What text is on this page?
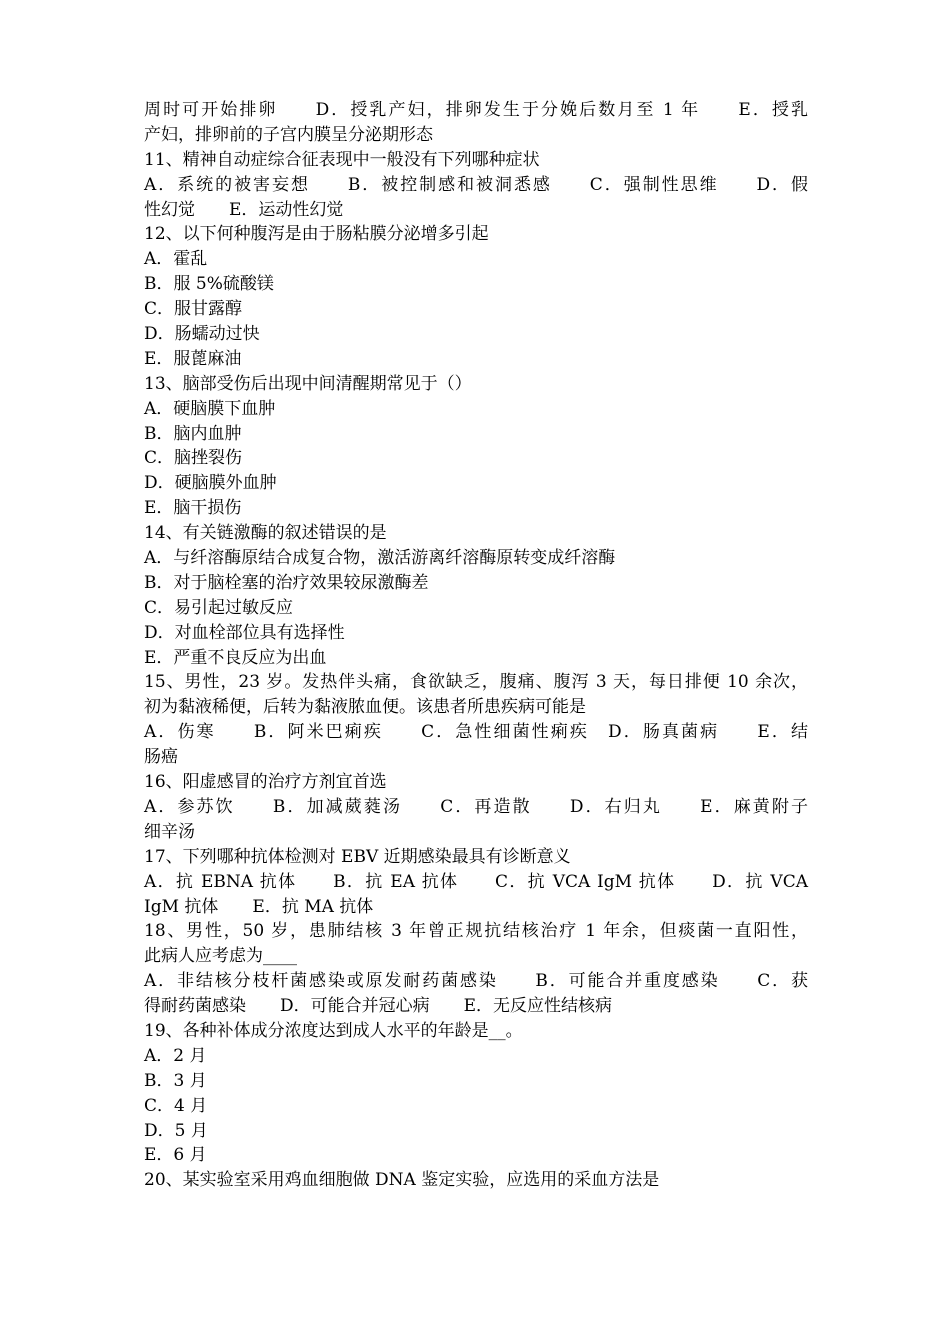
周时可开始排卵　　D．授乳产妇，排卵发生于分娩后数月至 1 年　　E．授乳
产妇，排卵前的子宫内膜呈分泌期形态
11、精神自动症综合征表现中一般没有下列哪种症状
A．系统的被害妄想　　B．被控制感和被洞悉感　　C．强制性思维　　D．假
性幻觉　　E．运动性幻觉
12、以下何种腹泻是由于肠粘膜分泌增多引起
A．霍乱
B．服 5%硫酸镁
C．服甘露醇
D．肠蠕动过快
E．服蓖麻油
13、脑部受伤后出现中间清醒期常见于（）
A．硬脑膜下血肿
B．脑内血肿
C．脑挫裂伤
D．硬脑膜外血肿
E．脑干损伤
14、有关链激酶的叙述错误的是
A．与纤溶酶原结合成复合物，激活游离纤溶酶原转变成纤溶酶
B．对于脑栓塞的治疗效果较尿激酶差
C．易引起过敏反应
D．对血栓部位具有选择性
E．严重不良反应为出血
15、男性，23 岁。发热伴头痛，食欲缺乏，腹痛、腹泻 3 天，每日排便 10 余次，
初为黏液稀便，后转为黏液脓血便。该患者所患疾病可能是
A．伤寒　　B．阿米巴痢疾　　C．急性细菌性痢疾　D．肠真菌病　　E．结
肠癌
16、阳虚感冒的治疗方剂宜首选
A．参苏饮　　B．加减葳蕤汤　　C．再造散　　D．右归丸　　E．麻黄附子
细辛汤
17、下列哪种抗体检测对 EBV 近期感染最具有诊断意义
A．抗 EBNA 抗体　　B．抗 EA 抗体　　C．抗 VCA IgM 抗体　　D．抗 VCA
IgM 抗体　　E．抗 MA 抗体
18、男性，50 岁，患肺结核 3 年曾正规抗结核治疗 1 年余，但痰菌一直阳性，
此病人应考虑为____
A．非结核分枝杆菌感染或原发耐药菌感染　　B．可能合并重度感染　　C．获
得耐药菌感染　　D．可能合并冠心病　　E．无反应性结核病
19、各种补体成分浓度达到成人水平的年龄是__。
A．2 月
B．3 月
C．4 月
D．5 月
E．6 月
20、某实验室采用鸡血细胞做 DNA 鉴定实验，应选用的采血方法是
